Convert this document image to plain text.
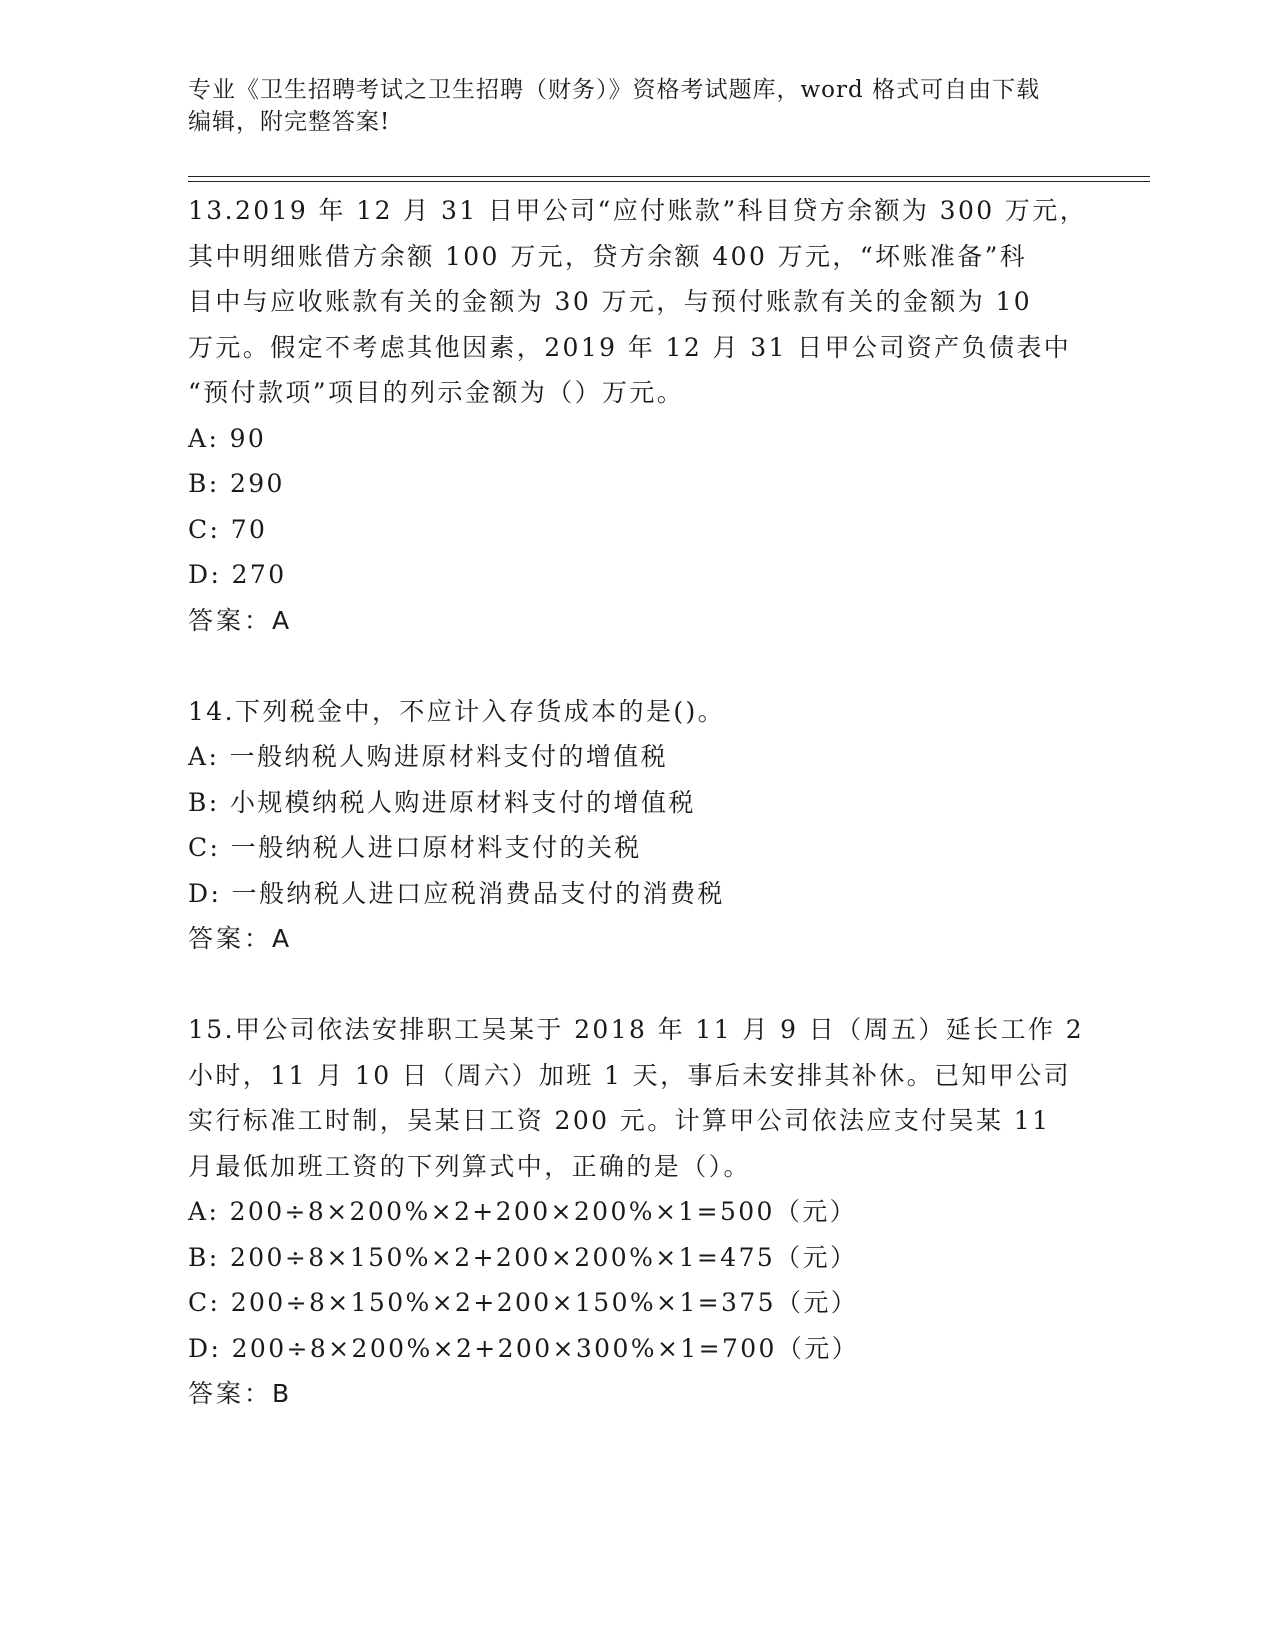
专业《卫生招聘考试之卫生招聘（财务）》资格考试题库，word 格式可自由下载
编辑，附完整答案!
13.2019 年 12 月 31 日甲公司“应付账款”科目贷方余额为 300 万元，
其中明细账借方余额 100 万元，贷方余额 400 万元，“坏账准备”科
目中与应收账款有关的金额为 30 万元，与预付账款有关的金额为 10
万元。假定不考虑其他因素，2019 年 12 月 31 日甲公司资产负债表中
“预付款项”项目的列示金额为（）万元。
A: 90
B: 290
C: 70
D: 270
答案：A
14.下列税金中，不应计入存货成本的是()。
A: 一般纳税人购进原材料支付的增值税
B: 小规模纳税人购进原材料支付的增值税
C: 一般纳税人进口原材料支付的关税
D: 一般纳税人进口应税消费品支付的消费税
答案：A
15.甲公司依法安排职工吴某于 2018 年 11 月 9 日（周五）延长工作 2
小时，11 月 10 日（周六）加班 1 天，事后未安排其补休。已知甲公司
实行标准工时制，吴某日工资 200 元。计算甲公司依法应支付吴某 11
月最低加班工资的下列算式中，正确的是（）。
A: 200÷8×200%×2+200×200%×1=500（元）
B: 200÷8×150%×2+200×200%×1=475（元）
C: 200÷8×150%×2+200×150%×1=375（元）
D: 200÷8×200%×2+200×300%×1=700（元）
答案：B
